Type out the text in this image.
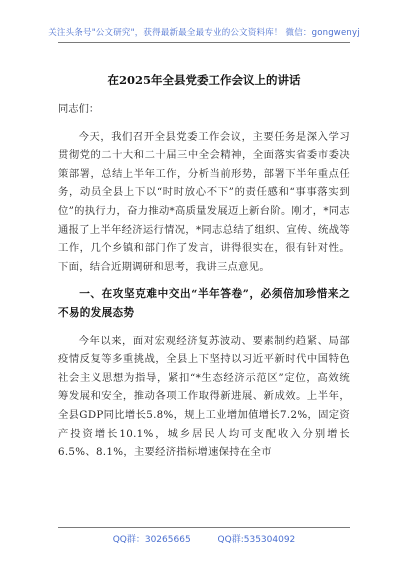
关注头条号"公文研究"，获得最新最全最专业的公文资料库！ 微信：gongwenyj
在2025年全县党委工作会议上的讲话

同志们：

今天，我们召开全县党委工作会议，主要任务是深入学习贯彻党的二十大和二十届三中全会精神，全面落实省委市委决策部署，总结上半年工作，分析当前形势，部署下半年重点任务，动员全县上下以“时时放心不下”的责任感和“事事落实到位”的执行力，奋力推动*高质量发展迈上新台阶。刚才，*同志通报了上半年经济运行情况，*同志总结了组织、宣传、统战等工作，几个乡镇和部门作了发言，讲得很实在，很有针对性。下面，结合近期调研和思考，我讲三点意见。

一、在攻坚克难中交出“半年答卷”，必须倍加珍惜来之不易的发展态势

今年以来，面对宏观经济复苏波动、要素制约趋紧、局部疫情反复等多重挑战，全县上下坚持以习近平新时代中国特色社会主义思想为指导，紧扣“*生态经济示范区”定位，高效统筹发展和安全，推动各项工作取得新进展、新成效。上半年，全县GDP同比增长5.8%，规上工业增加值增长7.2%，固定资产投资增长10.1%，城乡居民人均可支配收入分别增长6.5%、8.1%，主要经济指标增速保持在全市

QQ群：30265665	QQ群:535304092
